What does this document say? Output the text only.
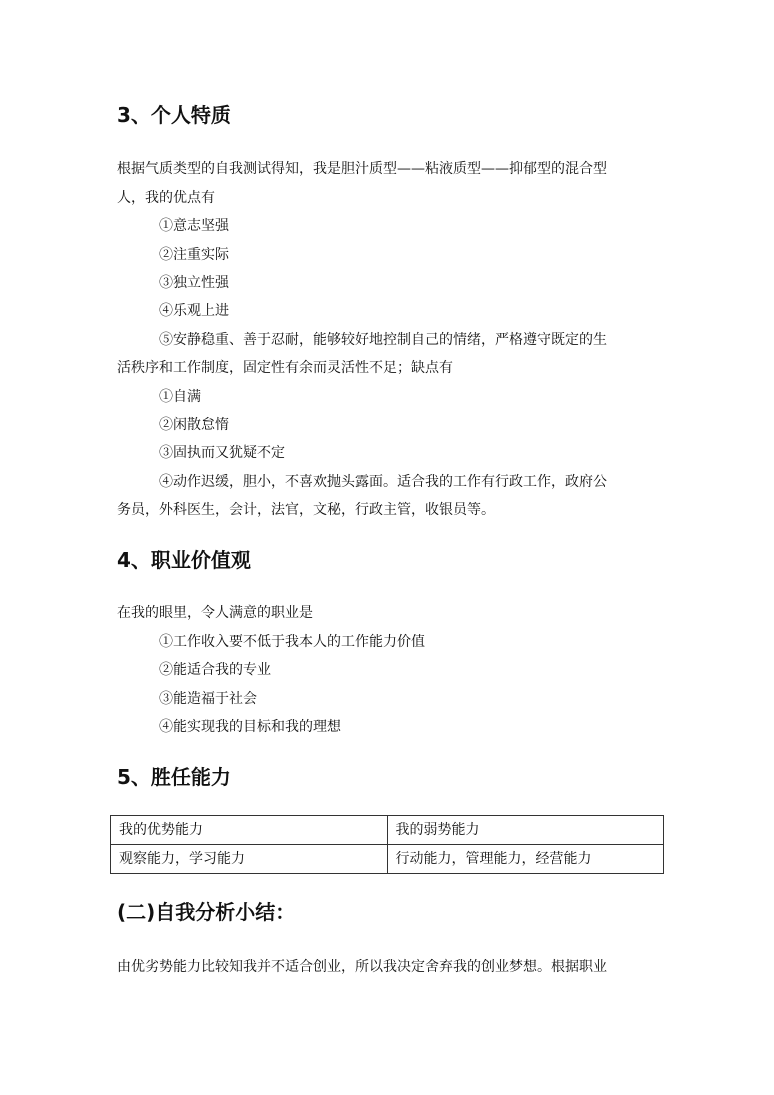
3、个人特质

根据气质类型的自我测试得知，我是胆汁质型——粘液质型——抑郁型的混合型

人，我的优点有

①意志坚强

②注重实际

③独立性强

④乐观上进

⑤安静稳重、善于忍耐，能够较好地控制自己的情绪，严格遵守既定的生

活秩序和工作制度，固定性有余而灵活性不足；缺点有

①自满

②闲散怠惰

③固执而又犹疑不定

④动作迟缓，胆小，不喜欢抛头露面。适合我的工作有行政工作，政府公

务员，外科医生，会计，法官，文秘，行政主管，收银员等。

4、职业价值观

在我的眼里，令人满意的职业是

①工作收入要不低于我本人的工作能力价值

②能适合我的专业

③能造福于社会

④能实现我的目标和我的理想

5、胜任能力
我的优势能力	我的弱势能力
观察能力，学习能力	行动能力，管理能力，经营能力
(二)自我分析小结：

由优劣势能力比较知我并不适合创业，所以我决定舍弃我的创业梦想。根据职业
